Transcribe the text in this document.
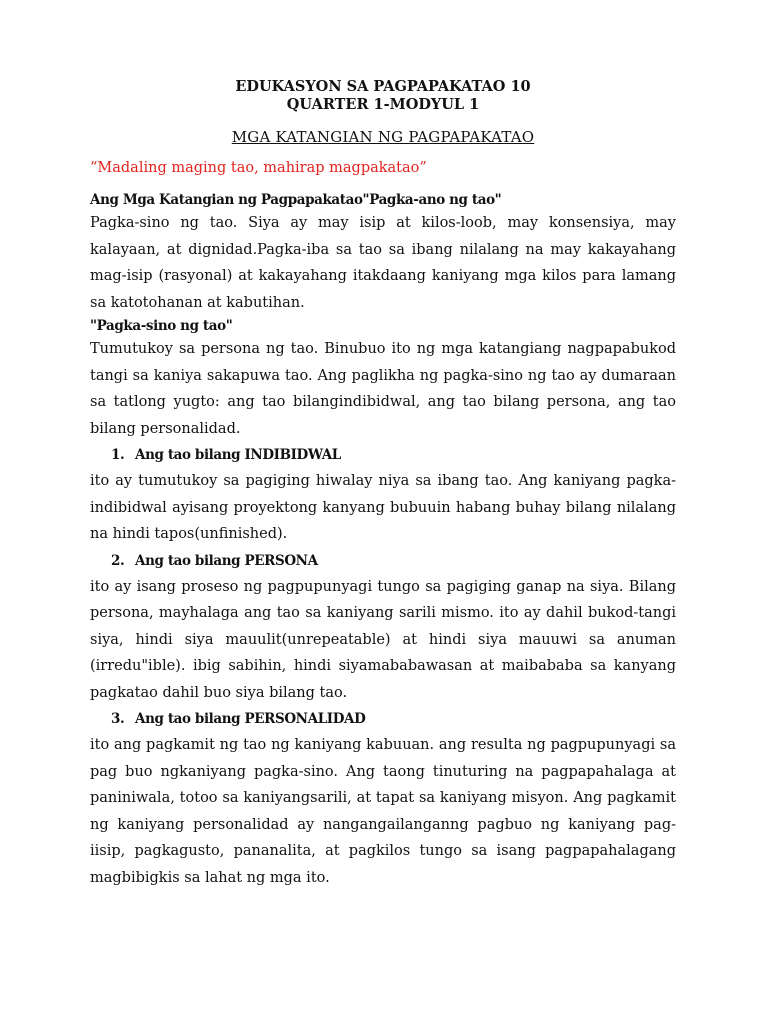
EDUKASYON SA PAGPAPAKATAO 10

QUARTER 1-MODYUL 1

MGA KATANGIAN NG PAGPAPAKATAO

“Madaling maging tao, mahirap magpakatao”

Ang Mga Katangian ng Pagpapakatao"Pagka-ano ng tao"

Pagka-sino ng tao. Siya ay may isip at kilos-loob, may konsensiya, may kalayaan, at dignidad.Pagka-iba sa tao sa ibang nilalang na may kakayahang mag-isip (rasyonal) at kakayahang itakdaang kaniyang mga kilos para lamang sa katotohanan at kabutihan.

"Pagka-sino ng tao"

Tumutukoy sa persona ng tao. Binubuo ito ng mga katangiang nagpapabukod tangi sa kaniya sakapuwa tao. Ang paglikha ng pagka-sino ng tao ay dumaraan sa tatlong yugto: ang tao bilangindibidwal, ang tao bilang persona, ang tao bilang personalidad.

1. Ang tao bilang INDIBIDWAL

ito ay tumutukoy sa pagiging hiwalay niya sa ibang tao. Ang kaniyang pagka-indibidwal ayisang proyektong kanyang bubuuin habang buhay bilang nilalang na hindi tapos(unfinished).

2. Ang tao bilang PERSONA

ito ay isang proseso ng pagpupunyagi tungo sa pagiging ganap na siya. Bilang persona, mayhalaga ang tao sa kaniyang sarili mismo. ito ay dahil bukod-tangi siya, hindi siya mauulit(unrepeatable) at hindi siya mauuwi sa anuman (irredu"ible). ibig sabihin, hindi siyamababawasan at maibababa sa kanyang pagkatao dahil buo siya bilang tao.

3. Ang tao bilang PERSONALIDAD

ito ang pagkamit ng tao ng kaniyang kabuuan. ang resulta ng pagpupunyagi sa pag buo ngkaniyang pagka-sino. Ang taong tinuturing na pagpapahalaga at paniniwala, totoo sa kaniyangsarili, at tapat sa kaniyang misyon. Ang pagkamit ng kaniyang personalidad ay nangangailanganng pagbuo ng kaniyang pag-iisip, pagkagusto, pananalita, at pagkilos tungo sa isang pagpapahalagang magbibigkis sa lahat ng mga ito.
